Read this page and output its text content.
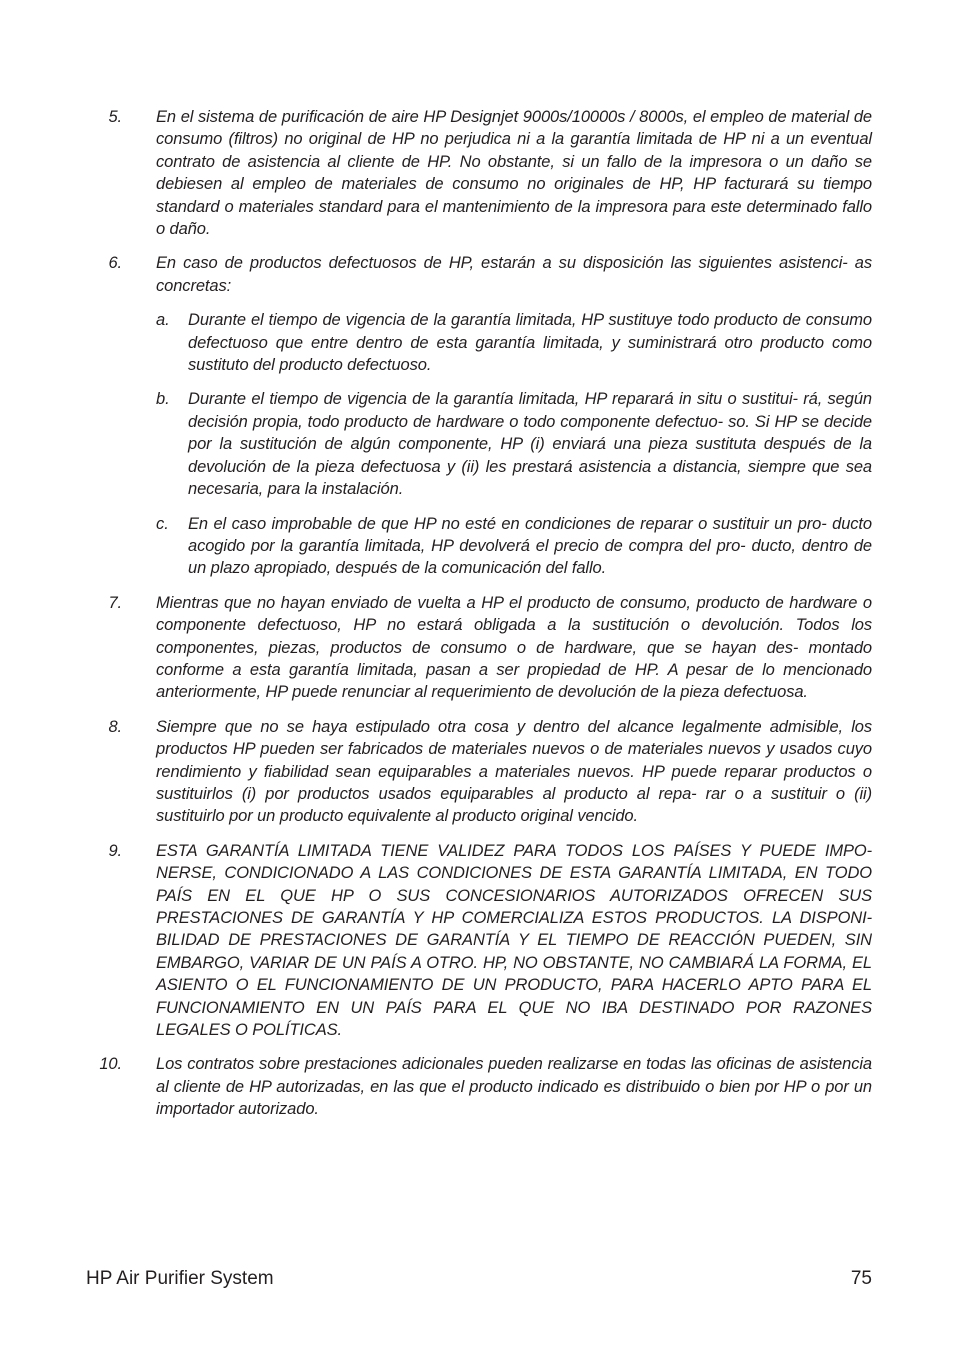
5. En el sistema de purificación de aire HP Designjet 9000s/10000s / 8000s, el empleo de material de consumo (filtros) no original de HP no perjudica ni a la garantía limitada de HP ni a un eventual contrato de asistencia al cliente de HP. No obstante, si un fallo de la impresora o un daño se debiesen al empleo de materiales de consumo no originales de HP, HP facturará su tiempo standard o materiales standard para el mantenimiento de la impresora para este determinado fallo o daño.

6. En caso de productos defectuosos de HP, estarán a su disposición las siguientes asistenci- as concretas:

a. Durante el tiempo de vigencia de la garantía limitada, HP sustituye todo producto de consumo defectuoso que entre dentro de esta garantía limitada, y suministrará otro producto como sustituto del producto defectuoso.

b. Durante el tiempo de vigencia de la garantía limitada, HP reparará in situ o sustitui- rá, según decisión propia, todo producto de hardware o todo componente defectuo- so. Si HP se decide por la sustitución de algún componente, HP (i) enviará una pieza sustituta después de la devolución de la pieza defectuosa y (ii) les prestará asistencia a distancia, siempre que sea necesaria, para la instalación.

c. En el caso improbable de que HP no esté en condiciones de reparar o sustituir un pro- ducto acogido por la garantía limitada, HP devolverá el precio de compra del pro- ducto, dentro de un plazo apropiado, después de la comunicación del fallo.

7. Mientras que no hayan enviado de vuelta a HP el producto de consumo, producto de hardware o componente defectuoso, HP no estará obligada a la sustitución o devolución. Todos los componentes, piezas, productos de consumo o de hardware, que se hayan des- montado conforme a esta garantía limitada, pasan a ser propiedad de HP. A pesar de lo mencionado anteriormente, HP puede renunciar al requerimiento de devolución de la pieza defectuosa.

8. Siempre que no se haya estipulado otra cosa y dentro del alcance legalmente admisible, los productos HP pueden ser fabricados de materiales nuevos o de materiales nuevos y usados cuyo rendimiento y fiabilidad sean equiparables a materiales nuevos. HP puede reparar productos o sustituirlos (i) por productos usados equiparables al producto al repa- rar o a sustituir o (ii) sustituirlo por un producto equivalente al producto original vencido.

9. ESTA GARANTÍA LIMITADA TIENE VALIDEZ PARA TODOS LOS PAÍSES Y PUEDE IMPO- NERSE, CONDICIONADO A LAS CONDICIONES DE ESTA GARANTÍA LIMITADA, EN TODO PAÍS EN EL QUE HP O SUS CONCESIONARIOS AUTORIZADOS OFRECEN SUS PRESTACIONES DE GARANTÍA Y HP COMERCIALIZA ESTOS PRODUCTOS. LA DISPONI- BILIDAD DE PRESTACIONES DE GARANTÍA Y EL TIEMPO DE REACCIÓN PUEDEN, SIN EMBARGO, VARIAR DE UN PAÍS A OTRO. HP, NO OBSTANTE, NO CAMBIARÁ LA FORMA, EL ASIENTO O EL FUNCIONAMIENTO DE UN PRODUCTO, PARA HACERLO APTO PARA EL FUNCIONAMIENTO EN UN PAÍS PARA EL QUE NO IBA DESTINADO POR RAZONES LEGALES O POLÍTICAS.

10. Los contratos sobre prestaciones adicionales pueden realizarse en todas las oficinas de asistencia al cliente de HP autorizadas, en las que el producto indicado es distribuido o bien por HP o por un importador autorizado.

HP Air Purifier System	75
